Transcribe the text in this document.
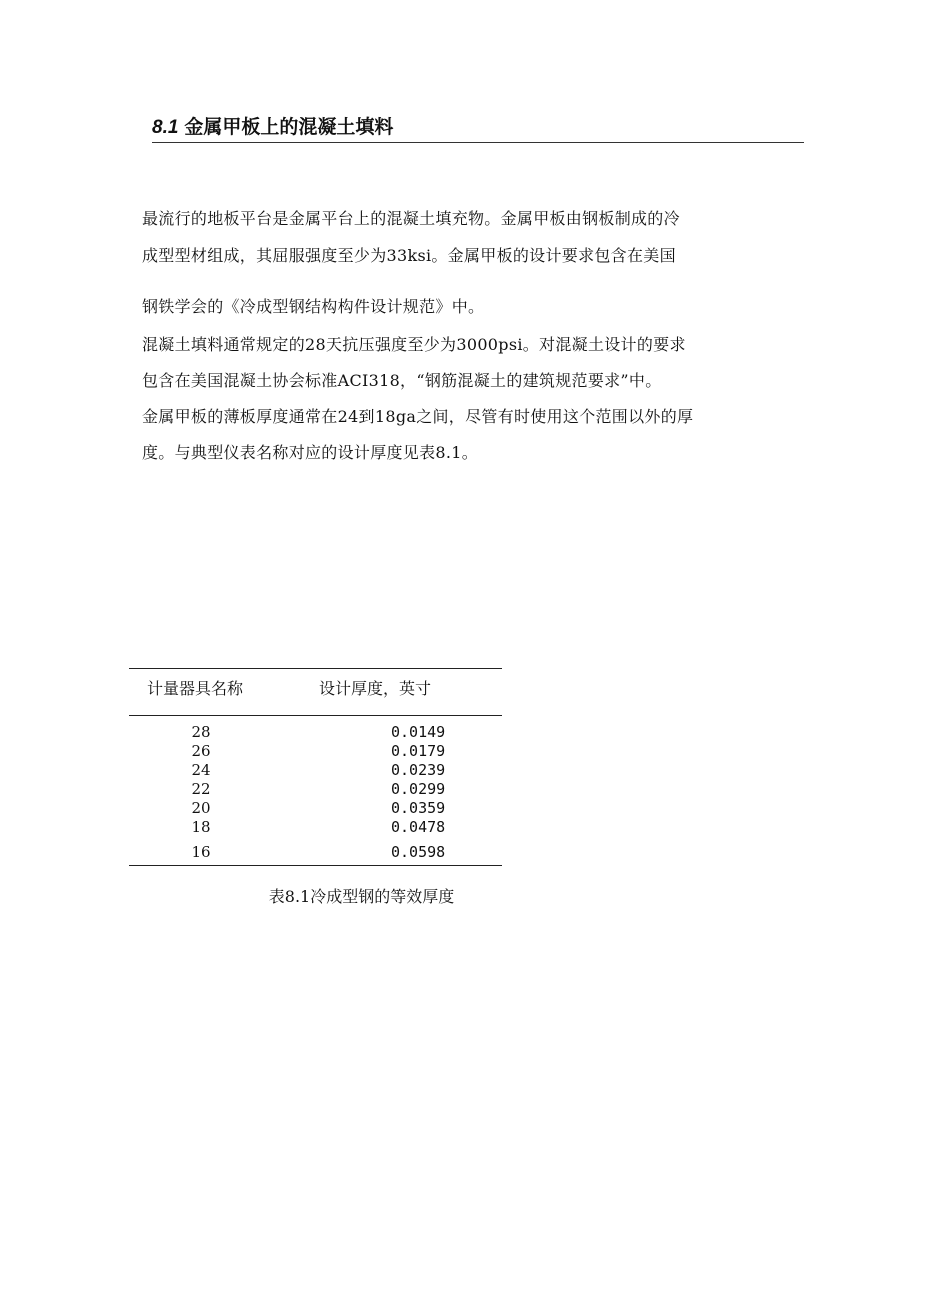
8.1 金属甲板上的混凝土填料
最流行的地板平台是金属平台上的混凝土填充物。金属甲板由钢板制成的冷
成型型材组成，其屈服强度至少为33ksi。金属甲板的设计要求包含在美国
钢铁学会的《冷成型钢结构构件设计规范》中。
混凝土填料通常规定的28天抗压强度至少为3000psi。对混凝土设计的要求
包含在美国混凝土协会标准ACI318，“钢筋混凝土的建筑规范要求”中。
金属甲板的薄板厚度通常在24到18ga之间，尽管有时使用这个范围以外的厚
度。与典型仪表名称对应的设计厚度见表8.1。
计量器具名称	设计厚度，英寸
28	0.0149
26	0.0179
24	0.0239
22	0.0299
20	0.0359
18	0.0478
16	0.0598
表8.1冷成型钢的等效厚度
